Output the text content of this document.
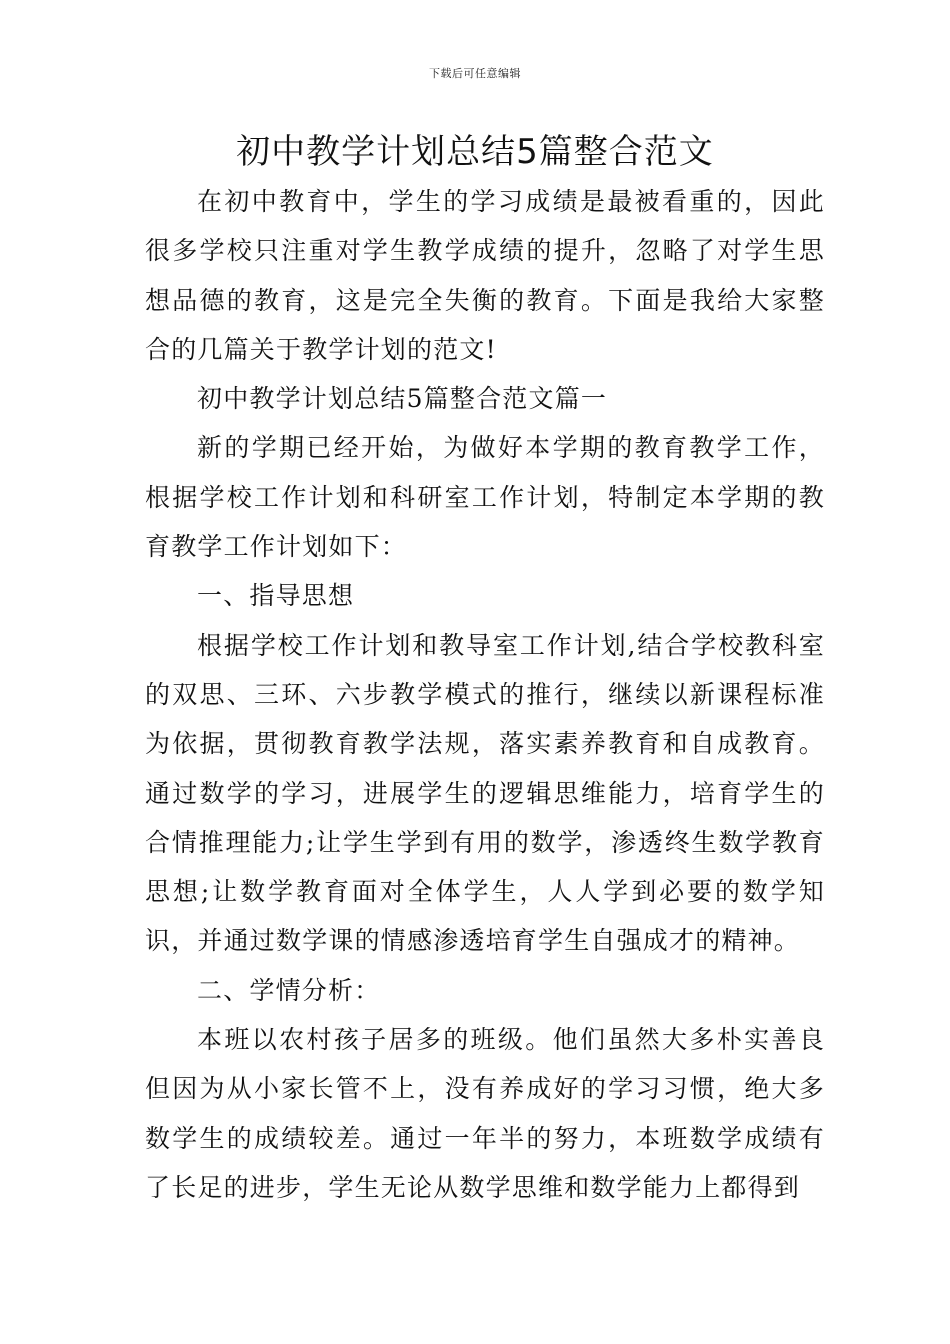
下载后可任意编辑
初中教学计划总结5篇整合范文

在初中教育中，学生的学习成绩是最被看重的，因此很多学校只注重对学生教学成绩的提升，忽略了对学生思想品德的教育，这是完全失衡的教育。下面是我给大家整合的几篇关于教学计划的范文!

初中教学计划总结5篇整合范文篇一

新的学期已经开始，为做好本学期的教育教学工作，根据学校工作计划和科研室工作计划，特制定本学期的教育教学工作计划如下：

一、指导思想

根据学校工作计划和教导室工作计划,结合学校教科室的双思、三环、六步教学模式的推行，继续以新课程标准为依据，贯彻教育教学法规，落实素养教育和自成教育。通过数学的学习，进展学生的逻辑思维能力，培育学生的合情推理能力;让学生学到有用的数学，渗透终生数学教育思想;让数学教育面对全体学生，人人学到必要的数学知识，并通过数学课的情感渗透培育学生自强成才的精神。

二、学情分析：

本班以农村孩子居多的班级。他们虽然大多朴实善良但因为从小家长管不上，没有养成好的学习习惯，绝大多数学生的成绩较差。通过一年半的努力，本班数学成绩有了长足的进步，学生无论从数学思维和数学能力上都得到
